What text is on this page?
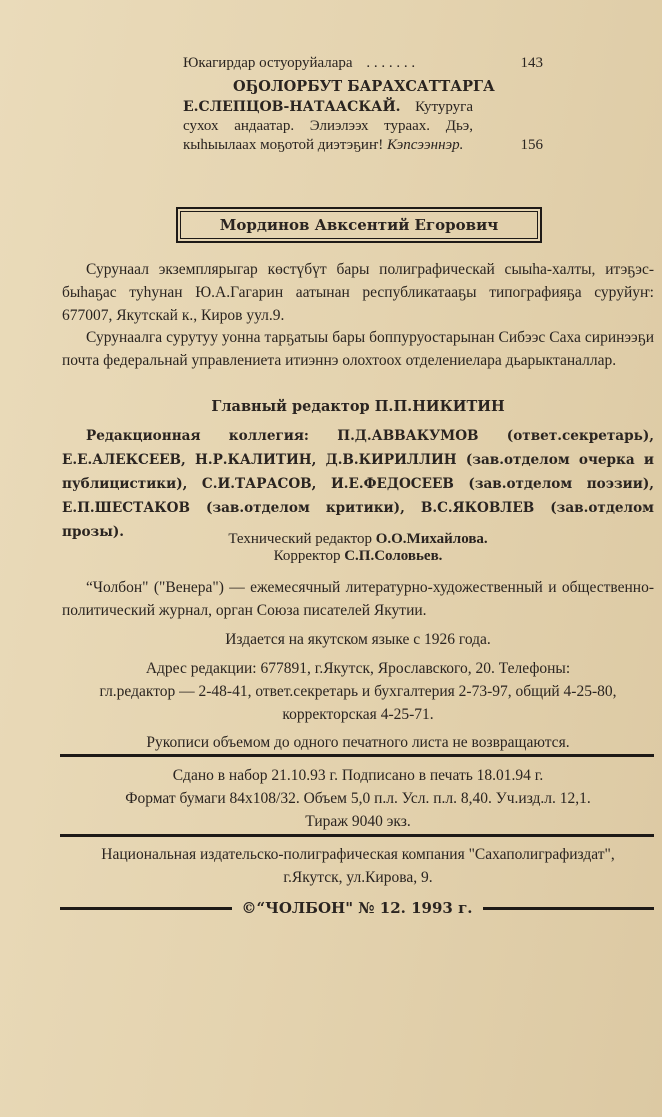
Юкагирдар остуоруйалара . . . . . . .	143
ОҔОЛОРБУТ БАРАХСАТТАРГА
Е.СЛЕПЦОВ-НАТААСКАЙ. Кутуруга сухох андаатар. Элиэлээх тураах. Дьэ, кыһыылаах моҕотой диэтэҕиҥ! Кэпсээннэр.	156
Мординов Авксентий Егорович
Сурунаал экземплярыгар көстүбүт бары полиграфическай сыыһа-халты, итэҕэс-быһаҕас туһунан Ю.А.Гагарин аатынан республикатааҕы типографияҕа суруйуҥ: 677007, Якутскай к., Киров уул.9.
Сурунаалга сурутуу уонна тарҕатыы бары боппуруостарынан Сибээс Саха сиринээҕи почта федеральнай управлениета итиэннэ олохтоох отделениелара дьарыктаналлар.
Главный редактор П.П.НИКИТИН
Редакционная коллегия: П.Д.АВВАКУМОВ (ответ.секретарь), Е.Е.АЛЕКСЕЕВ, Н.Р.КАЛИТИН, Д.В.КИРИЛЛИН (зав.отделом очерка и публицистики), С.И.ТАРАСОВ, И.Е.ФЕДОСЕЕВ (зав.отделом поэзии), Е.П.ШЕСТАКОВ (зав.отделом критики), В.С.ЯКОВЛЕВ (зав.отделом прозы).	Технический редактор О.О.Михайлова.
Корректор С.П.Соловьев.
“Чолбон" ("Венера") — ежемесячный литературно-художественный и общественно-политический журнал, орган Союза писателей Якутии.
Издается на якутском языке с 1926 года.
Адрес редакции: 677891, г.Якутск, Ярославского, 20. Телефоны:
гл.редактор — 2-48-41, ответ.секретарь и бухгалтерия 2-73-97, общий 4-25-80,
корректорская 4-25-71.
Рукописи объемом до одного печатного листа не возвращаются.
Сдано в набор 21.10.93 г. Подписано в печать 18.01.94 г.
Формат бумаги 84х108/32. Объем 5,0 п.л. Усл. п.л. 8,40. Уч.изд.л. 12,1.
Тираж 9040 экз.
Национальная издательско-полиграфическая компания "Сахаполиграфиздат",
г.Якутск, ул.Кирова, 9.
©“ЧОЛБОН" № 12. 1993 г.
